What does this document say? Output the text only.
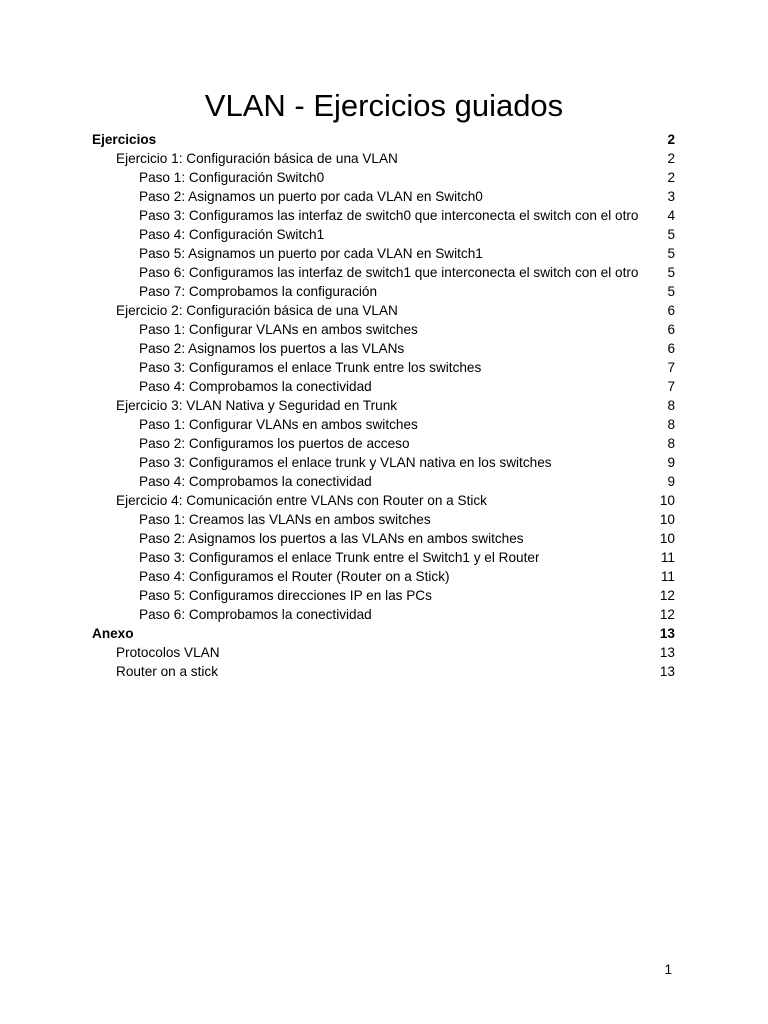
VLAN - Ejercicios guiados
Ejercicios	2
Ejercicio 1: Configuración básica de una VLAN	2
Paso 1: Configuración Switch0	2
Paso 2: Asignamos un puerto por cada VLAN en Switch0	3
Paso 3: Configuramos las interfaz de switch0 que interconecta el switch con el otro	4
Paso 4: Configuración Switch1	5
Paso 5: Asignamos un puerto por cada VLAN en Switch1	5
Paso 6: Configuramos las interfaz de switch1 que interconecta el switch con el otro	5
Paso 7: Comprobamos la configuración	5
Ejercicio 2: Configuración básica de una VLAN	6
Paso 1: Configurar VLANs en ambos switches	6
Paso 2: Asignamos los puertos a las VLANs	6
Paso 3: Configuramos el enlace Trunk entre los switches	7
Paso 4: Comprobamos la conectividad	7
Ejercicio 3: VLAN Nativa y Seguridad en Trunk	8
Paso 1: Configurar VLANs en ambos switches	8
Paso 2: Configuramos los puertos de acceso	8
Paso 3: Configuramos el enlace trunk y VLAN nativa en los switches	9
Paso 4: Comprobamos la conectividad	9
Ejercicio 4: Comunicación entre VLANs con Router on a Stick	10
Paso 1: Creamos las VLANs en ambos switches	10
Paso 2: Asignamos los puertos a las VLANs en ambos switches	10
Paso 3: Configuramos el enlace Trunk entre el Switch1 y el Router	11
Paso 4: Configuramos el Router (Router on a Stick)	11
Paso 5: Configuramos direcciones IP en las PCs	12
Paso 6: Comprobamos la conectividad	12
Anexo	13
Protocolos VLAN	13
Router on a stick	13
1
